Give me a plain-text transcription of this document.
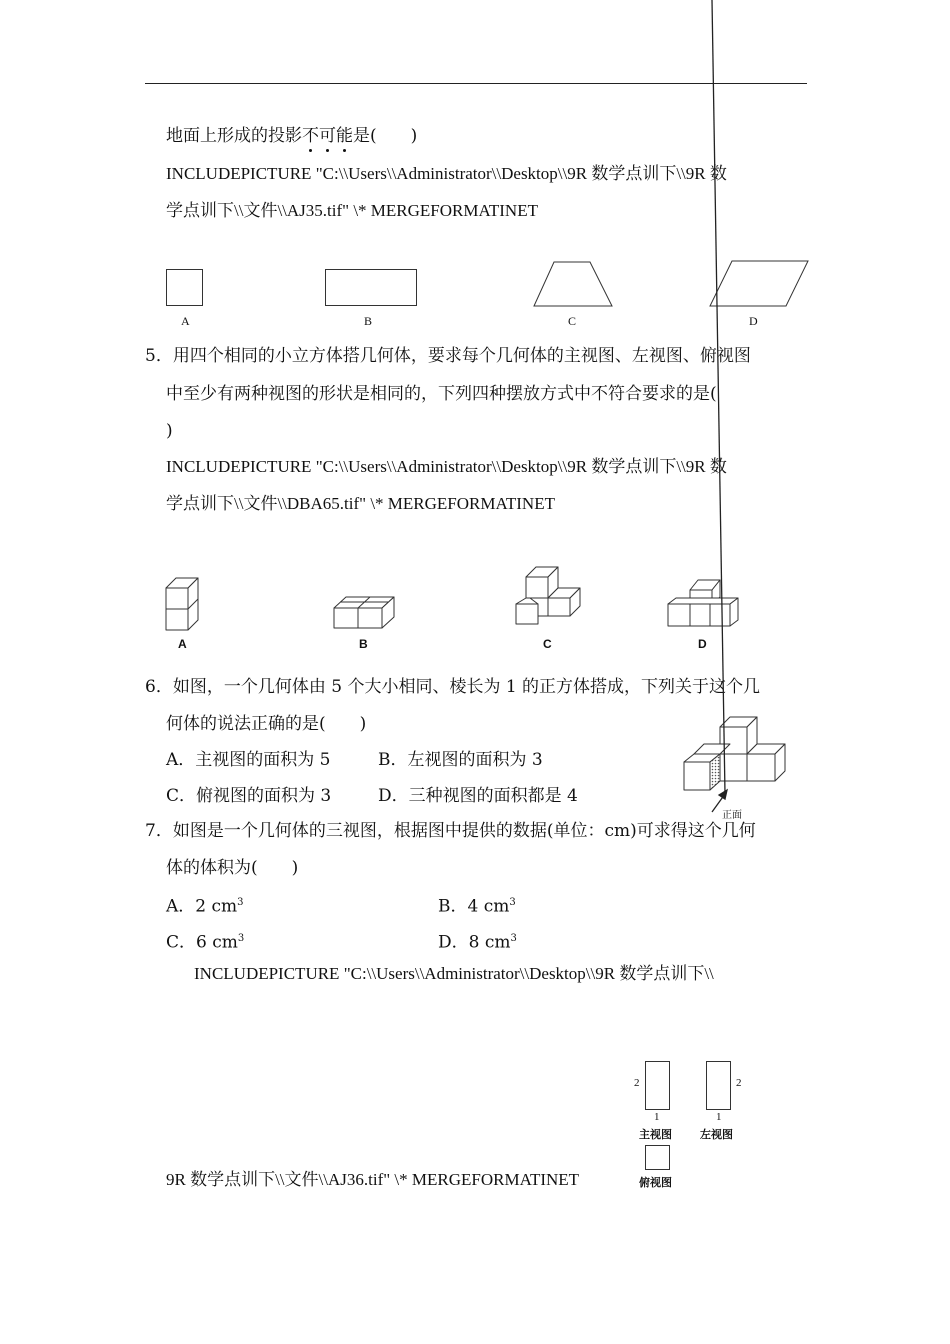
地面上形成的投影不可能是(　　)
INCLUDEPICTURE "C:\\Users\\Administrator\\Desktop\\9R 数学点训下\\9R 数
学点训下\\文件\\AJ35.tif" \* MERGEFORMATINET
A	B	C	D
5．用四个相同的小立方体搭几何体，要求每个几何体的主视图、左视图、俯视图
中至少有两种视图的形状是相同的，下列四种摆放方式中不符合要求的是(
)
INCLUDEPICTURE "C:\\Users\\Administrator\\Desktop\\9R 数学点训下\\9R 数
学点训下\\文件\\DBA65.tif" \* MERGEFORMATINET
A	B	C	D
6．如图，一个几何体由 5 个大小相同、棱长为 1 的正方体搭成，下列关于这个几
何体的说法正确的是(　　)
A．主视图的面积为 5	B．左视图的面积为 3
C．俯视图的面积为 3	D．三种视图的面积都是 4
正面
7．如图是一个几何体的三视图，根据图中提供的数据(单位：cm)可求得这个几何
体的体积为(　　)
A．2 $cm^3$	B．4 $cm^3$
C．6 $cm^3$	D．8 $cm^3$
INCLUDEPICTURE "C:\\Users\\Administrator\\Desktop\\9R 数学点训下\\
9R 数学点训下\\文件\\AJ36.tif" \* MERGEFORMATINET
2
1
2
1
主视图	左视图
俯视图
